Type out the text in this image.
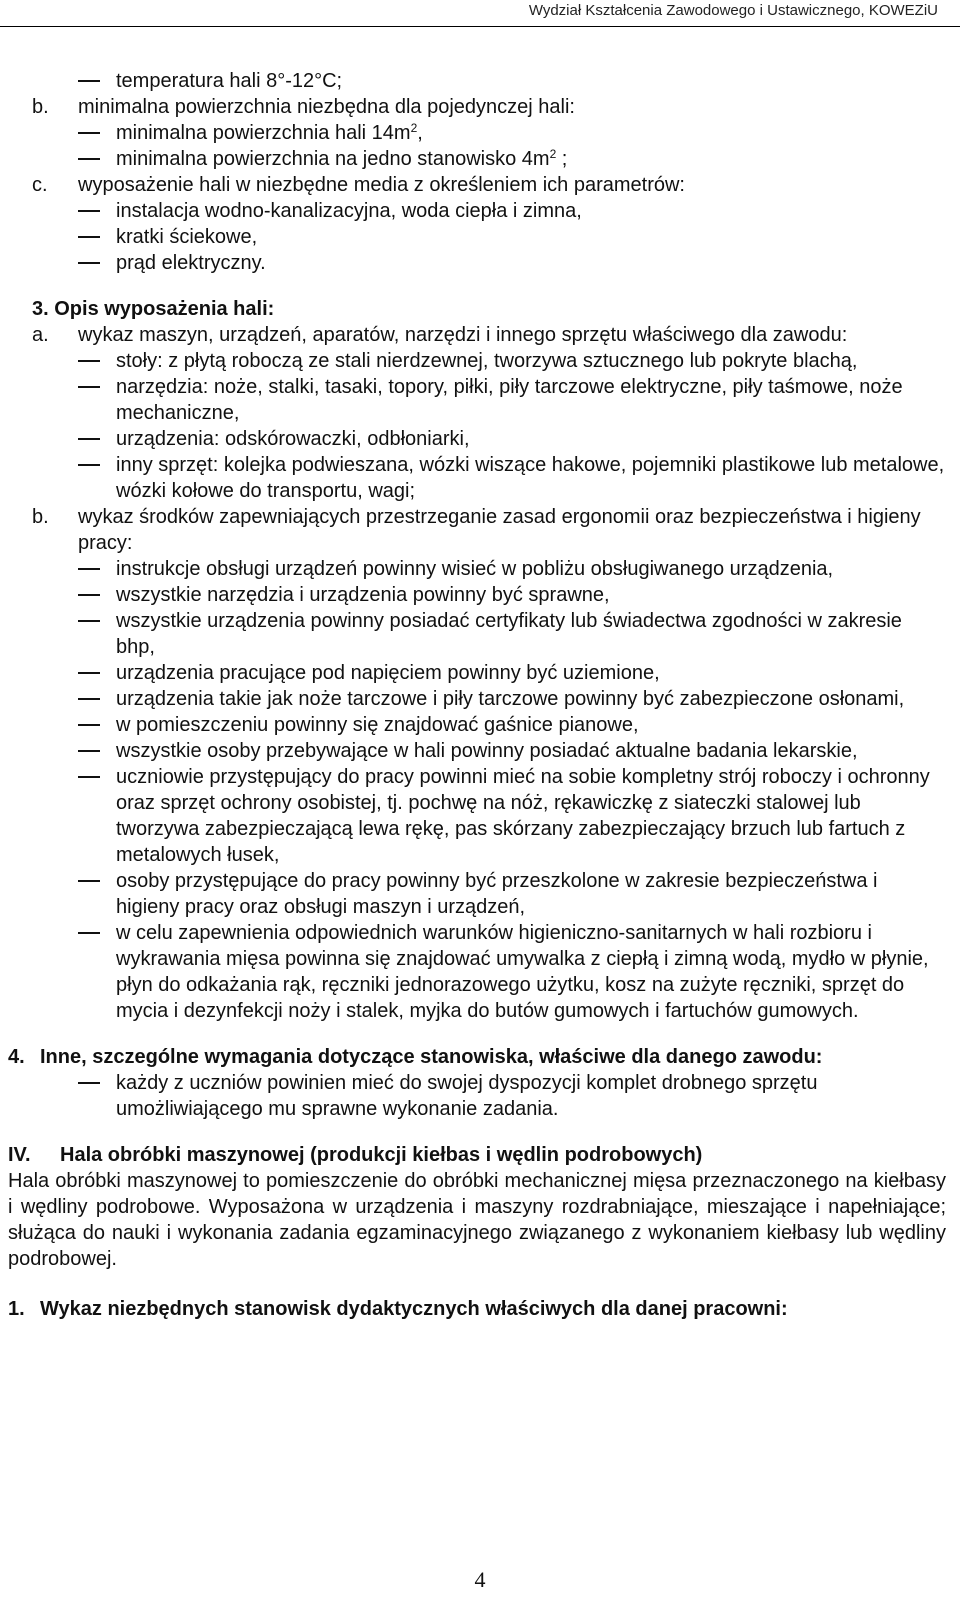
Wydział Kształcenia Zawodowego i Ustawicznego, KOWEZiU
temperatura hali 8°-12°C;
b. minimalna powierzchnia niezbędna dla pojedynczej hali:
minimalna powierzchnia hali $14m^2$,
minimalna powierzchnia na jedno stanowisko $4m^2$ ;
c. wyposażenie hali w niezbędne media z określeniem ich parametrów:
instalacja wodno-kanalizacyjna, woda ciepła i zimna,
kratki ściekowe,
prąd elektryczny.
3. Opis wyposażenia hali:
a. wykaz maszyn, urządzeń, aparatów, narzędzi i innego sprzętu właściwego dla zawodu:
stoły: z płytą roboczą ze stali nierdzewnej, tworzywa sztucznego lub pokryte blachą,
narzędzia: noże, stalki, tasaki, topory, piłki, piły tarczowe elektryczne, piły taśmowe, noże mechaniczne,
urządzenia: odskórowaczki, odbłoniarki,
inny sprzęt: kolejka podwieszana, wózki wiszące hakowe, pojemniki plastikowe lub metalowe, wózki kołowe do transportu, wagi;
b. wykaz środków zapewniających przestrzeganie zasad ergonomii oraz bezpieczeństwa i higieny pracy:
instrukcje obsługi urządzeń powinny wisieć w pobliżu obsługiwanego urządzenia,
wszystkie narzędzia i urządzenia powinny być sprawne,
wszystkie urządzenia powinny posiadać certyfikaty lub świadectwa zgodności w zakresie bhp,
urządzenia pracujące pod napięciem powinny być uziemione,
urządzenia takie jak noże tarczowe i piły tarczowe powinny być zabezpieczone osłonami,
w pomieszczeniu powinny się znajdować gaśnice pianowe,
wszystkie osoby przebywające w hali powinny posiadać aktualne badania lekarskie,
uczniowie przystępujący do pracy powinni mieć na sobie kompletny strój roboczy i ochronny oraz sprzęt ochrony osobistej, tj. pochwę na nóż, rękawiczkę z siateczki stalowej lub tworzywa zabezpieczającą lewa rękę, pas skórzany zabezpieczający brzuch lub fartuch z metalowych łusek,
osoby przystępujące do pracy powinny być przeszkolone w zakresie bezpieczeństwa i higieny pracy oraz obsługi maszyn i urządzeń,
w celu zapewnienia odpowiednich warunków higieniczno-sanitarnych w hali rozbioru i wykrawania mięsa powinna się znajdować umywalka z ciepłą i zimną wodą, mydło w płynie, płyn do odkażania rąk, ręczniki jednorazowego użytku, kosz na zużyte ręczniki, sprzęt do mycia i dezynfekcji noży i stalek, myjka do butów gumowych i fartuchów gumowych.
4. Inne, szczególne wymagania dotyczące stanowiska, właściwe dla danego zawodu:
każdy z uczniów powinien mieć do swojej dyspozycji komplet drobnego sprzętu umożliwiającego mu sprawne wykonanie zadania.
IV.	Hala obróbki maszynowej (produkcji kiełbas i wędlin podrobowych)
Hala obróbki maszynowej to pomieszczenie do obróbki mechanicznej mięsa przeznaczonego na kiełbasy i wędliny podrobowe. Wyposażona w urządzenia i maszyny rozdrabniające, mieszające i napełniające; służąca do nauki i wykonania zadania egzaminacyjnego związanego z wykonaniem kiełbasy lub wędliny podrobowej.
1. Wykaz niezbędnych stanowisk dydaktycznych właściwych dla danej pracowni:
4
